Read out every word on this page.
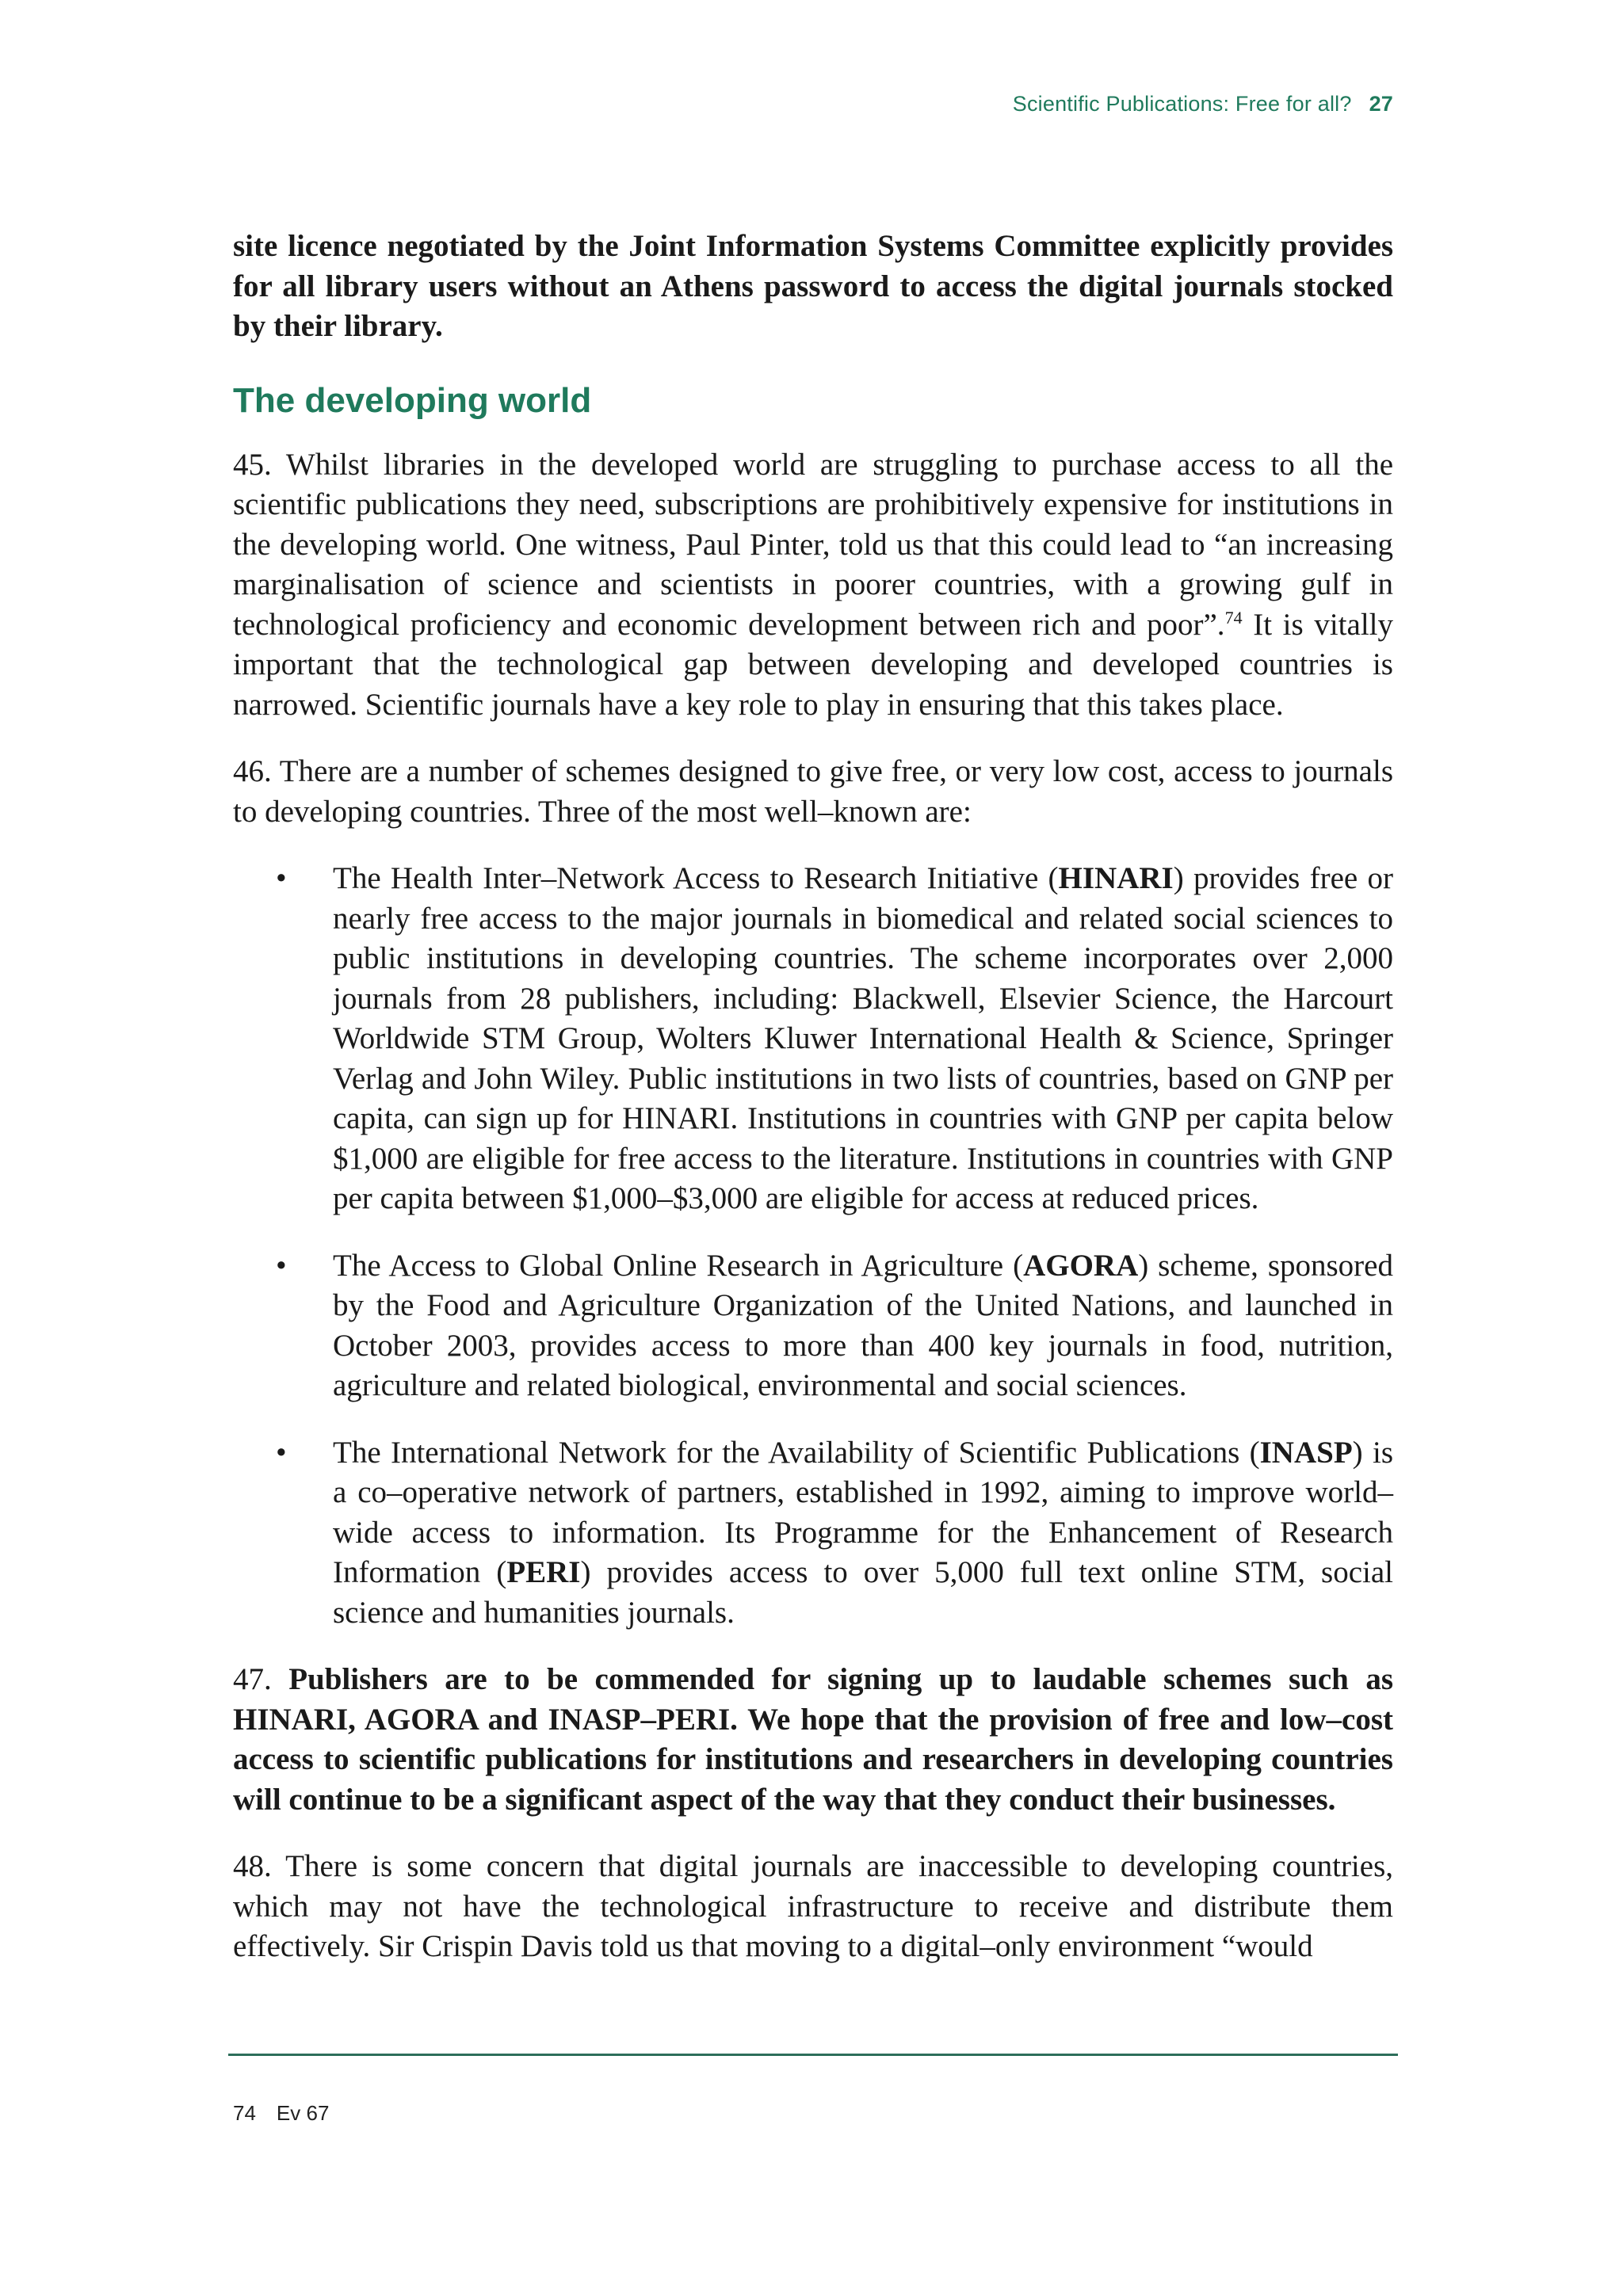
Scientific Publications: Free for all? 27

site licence negotiated by the Joint Information Systems Committee explicitly provides for all library users without an Athens password to access the digital journals stocked by their library.

The developing world

45. Whilst libraries in the developed world are struggling to purchase access to all the scientific publications they need, subscriptions are prohibitively expensive for institutions in the developing world. One witness, Paul Pinter, told us that this could lead to “an increasing marginalisation of science and scientists in poorer countries, with a growing gulf in technological proficiency and economic development between rich and poor”.$^{74}$ It is vitally important that the technological gap between developing and developed countries is narrowed. Scientific journals have a key role to play in ensuring that this takes place.

46. There are a number of schemes designed to give free, or very low cost, access to journals to developing countries. Three of the most well–known are:

• The Health Inter–Network Access to Research Initiative (HINARI) provides free or nearly free access to the major journals in biomedical and related social sciences to public institutions in developing countries. The scheme incorporates over 2,000 journals from 28 publishers, including: Blackwell, Elsevier Science, the Harcourt Worldwide STM Group, Wolters Kluwer International Health & Science, Springer Verlag and John Wiley. Public institutions in two lists of countries, based on GNP per capita, can sign up for HINARI. Institutions in countries with GNP per capita below $1,000 are eligible for free access to the literature. Institutions in countries with GNP per capita between $1,000–$3,000 are eligible for access at reduced prices.

• The Access to Global Online Research in Agriculture (AGORA) scheme, sponsored by the Food and Agriculture Organization of the United Nations, and launched in October 2003, provides access to more than 400 key journals in food, nutrition, agriculture and related biological, environmental and social sciences.

• The International Network for the Availability of Scientific Publications (INASP) is a co–operative network of partners, established in 1992, aiming to improve world–wide access to information. Its Programme for the Enhancement of Research Information (PERI) provides access to over 5,000 full text online STM, social science and humanities journals.

47. Publishers are to be commended for signing up to laudable schemes such as HINARI, AGORA and INASP–PERI. We hope that the provision of free and low–cost access to scientific publications for institutions and researchers in developing countries will continue to be a significant aspect of the way that they conduct their businesses.

48. There is some concern that digital journals are inaccessible to developing countries, which may not have the technological infrastructure to receive and distribute them effectively. Sir Crispin Davis told us that moving to a digital–only environment “would

74 Ev 67
